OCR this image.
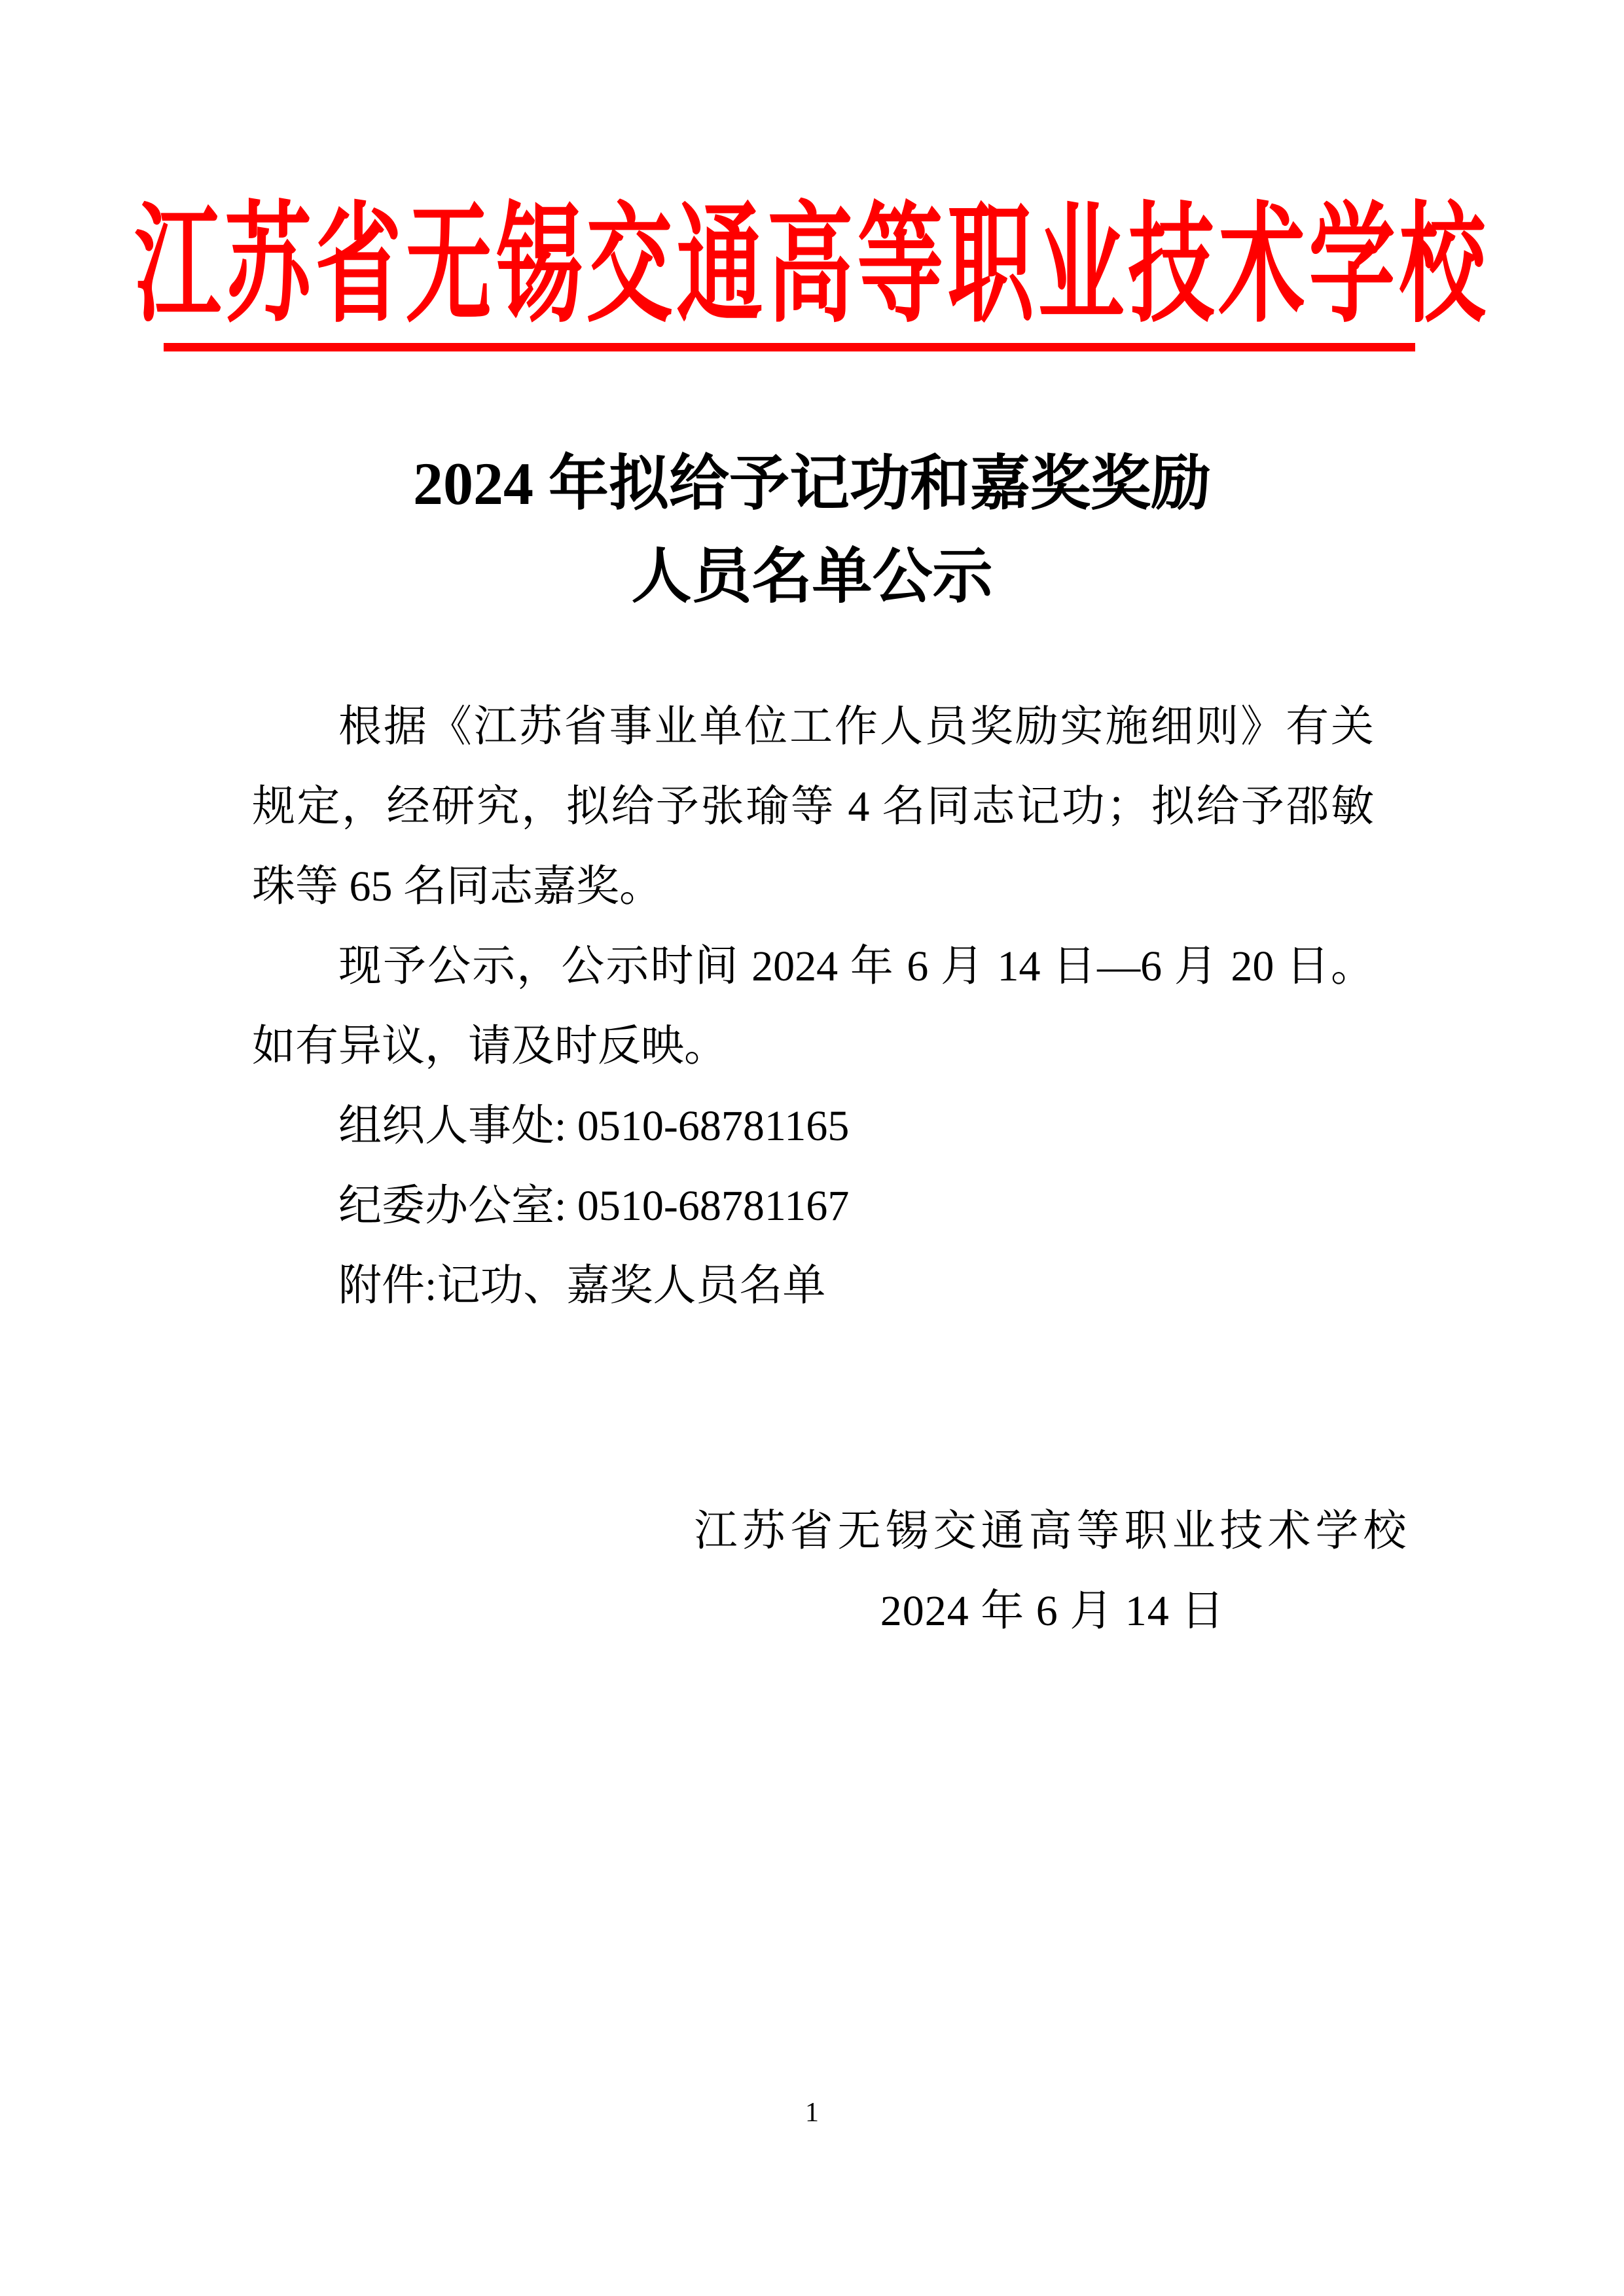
江苏省无锡交通高等职业技术学校
2024 年拟给予记功和嘉奖奖励
人员名单公示

根据《江苏省事业单位工作人员奖励实施细则》有关规定，经研究，拟给予张瑜等 4 名同志记功；拟给予邵敏珠等 65 名同志嘉奖。

现予公示，公示时间 2024 年 6 月 14 日—6 月 20 日。如有异议，请及时反映。

组织人事处: 0510-68781165
纪委办公室: 0510-68781167
附件:记功、嘉奖人员名单
江苏省无锡交通高等职业技术学校
2024 年 6 月 14 日
1
